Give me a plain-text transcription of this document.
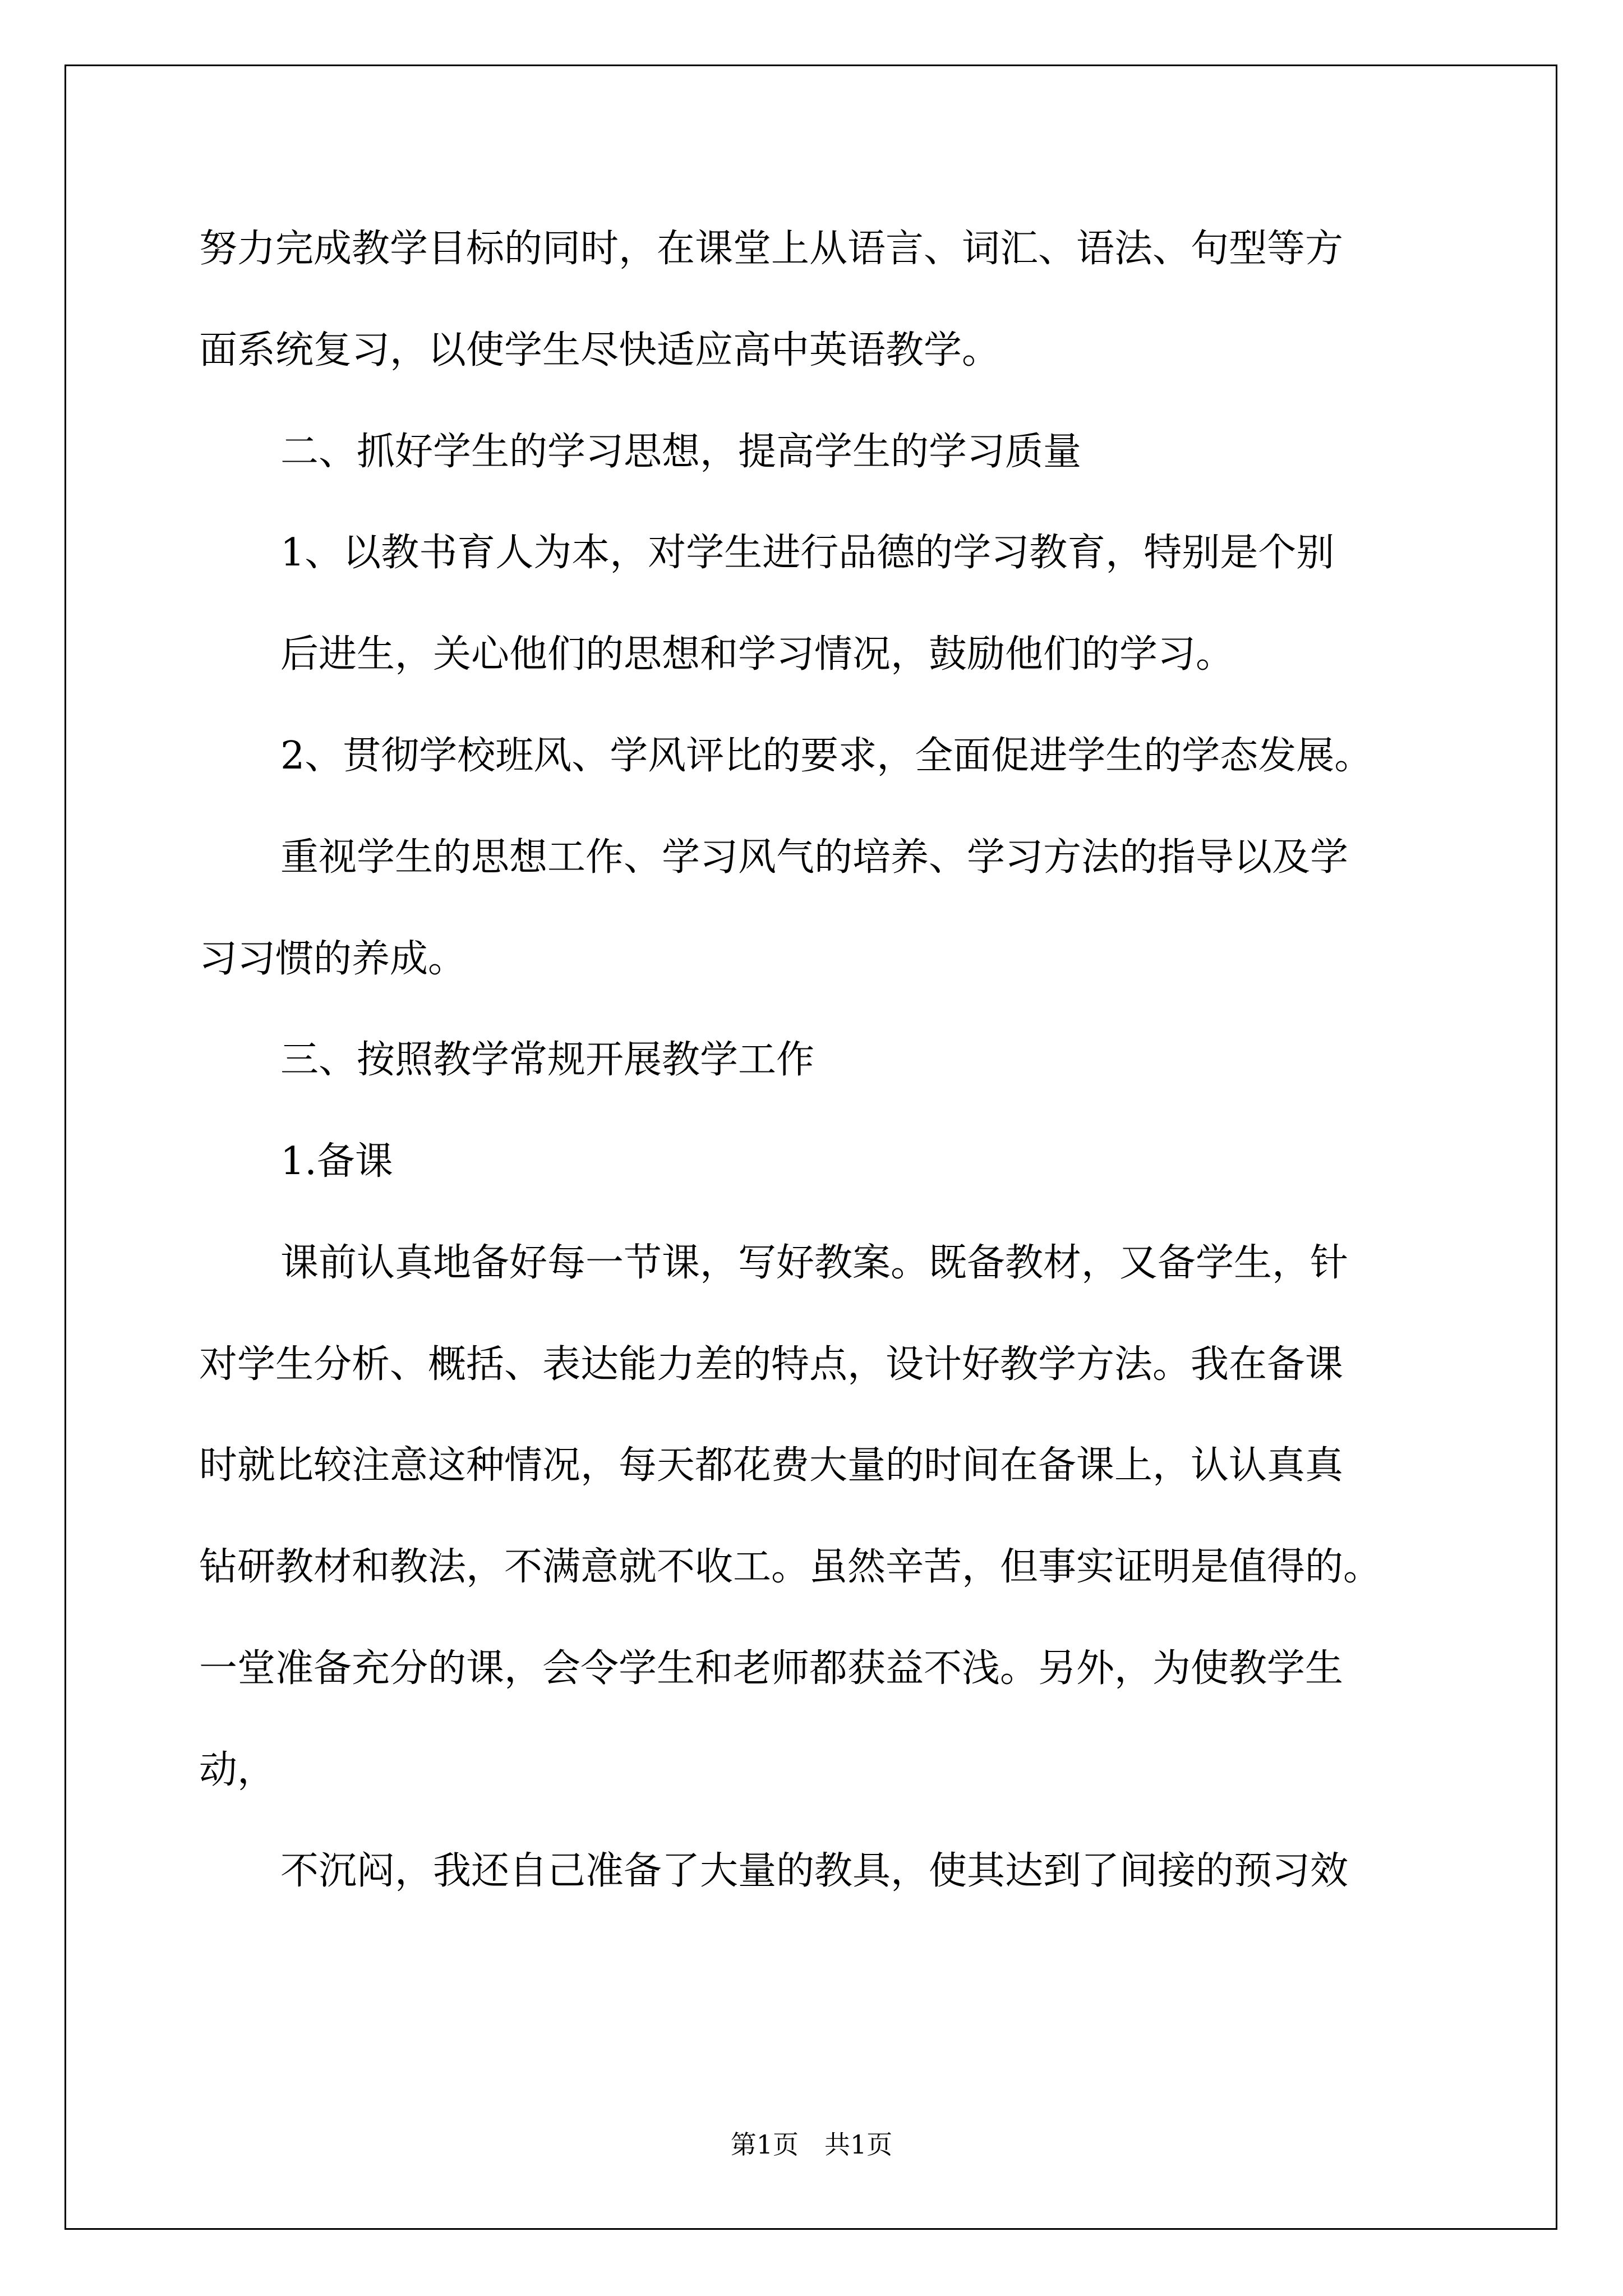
努力完成教学目标的同时，在课堂上从语言、词汇、语法、句型等方
面系统复习，以使学生尽快适应高中英语教学。
二、抓好学生的学习思想，提高学生的学习质量
1、以教书育人为本，对学生进行品德的学习教育，特别是个别
后进生，关心他们的思想和学习情况，鼓励他们的学习。
2、贯彻学校班风、学风评比的要求，全面促进学生的学态发展。
重视学生的思想工作、学习风气的培养、学习方法的指导以及学
习习惯的养成。
三、按照教学常规开展教学工作
1.备课
课前认真地备好每一节课，写好教案。既备教材，又备学生，针
对学生分析、概括、表达能力差的特点，设计好教学方法。我在备课
时就比较注意这种情况，每天都花费大量的时间在备课上，认认真真
钻研教材和教法，不满意就不收工。虽然辛苦，但事实证明是值得的。
一堂准备充分的课，会令学生和老师都获益不浅。另外，为使教学生
动，
不沉闷，我还自己准备了大量的教具，使其达到了间接的预习效
第1页　共1页
